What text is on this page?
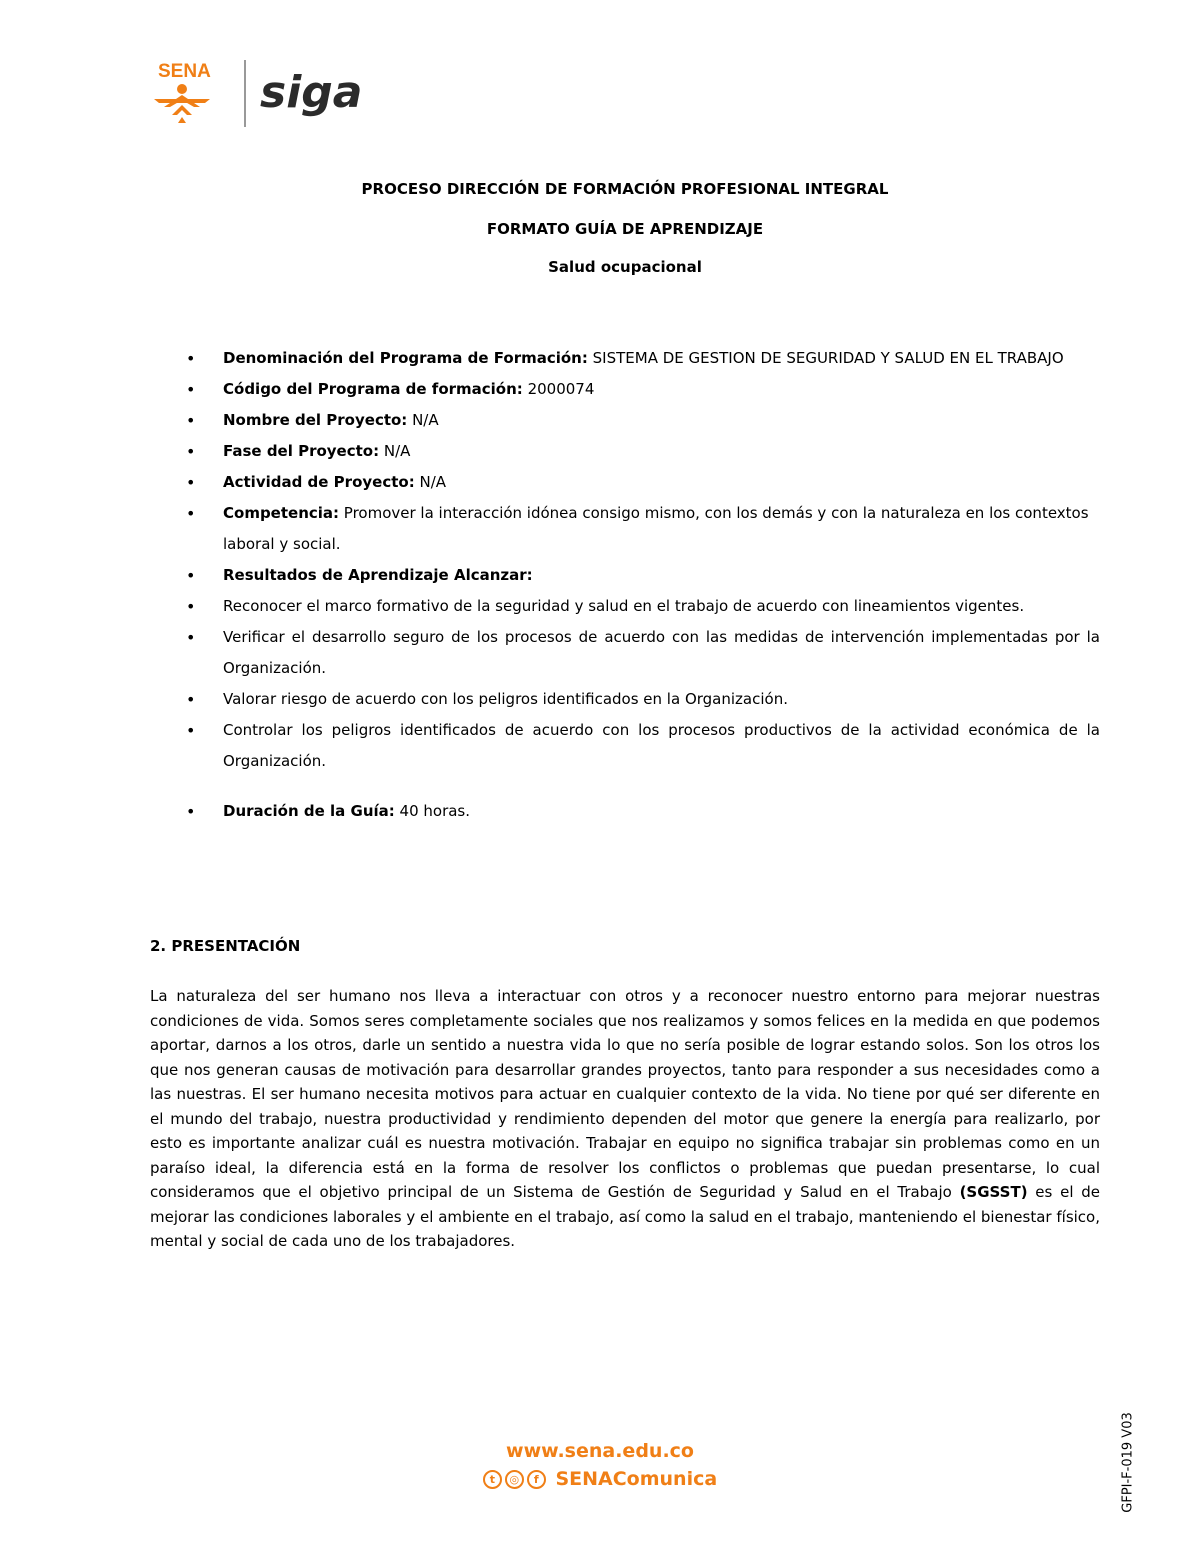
SENA siga
PROCESO DIRECCIÓN DE FORMACIÓN PROFESIONAL INTEGRAL
FORMATO GUÍA DE APRENDIZAJE
Salud ocupacional
• Denominación del Programa de Formación: SISTEMA DE GESTION DE SEGURIDAD Y SALUD EN EL TRABAJO
• Código del Programa de formación: 2000074
• Nombre del Proyecto: N/A
• Fase del Proyecto: N/A
• Actividad de Proyecto: N/A
• Competencia: Promover la interacción idónea consigo mismo, con los demás y con la naturaleza en los contextos laboral y social.
• Resultados de Aprendizaje Alcanzar:
• Reconocer el marco formativo de la seguridad y salud en el trabajo de acuerdo con lineamientos vigentes.
• Verificar el desarrollo seguro de los procesos de acuerdo con las medidas de intervención implementadas por la Organización.
• Valorar riesgo de acuerdo con los peligros identificados en la Organización.
• Controlar los peligros identificados de acuerdo con los procesos productivos de la actividad económica de la Organización.
• Duración de la Guía: 40 horas.
2. PRESENTACIÓN

La naturaleza del ser humano nos lleva a interactuar con otros y a reconocer nuestro entorno para mejorar nuestras condiciones de vida. Somos seres completamente sociales que nos realizamos y somos felices en la medida en que podemos aportar, darnos a los otros, darle un sentido a nuestra vida lo que no sería posible de lograr estando solos. Son los otros los que nos generan causas de motivación para desarrollar grandes proyectos, tanto para responder a sus necesidades como a las nuestras. El ser humano necesita motivos para actuar en cualquier contexto de la vida. No tiene por qué ser diferente en el mundo del trabajo, nuestra productividad y rendimiento dependen del motor que genere la energía para realizarlo, por esto es importante analizar cuál es nuestra motivación. Trabajar en equipo no significa trabajar sin problemas como en un paraíso ideal, la diferencia está en la forma de resolver los conflictos o problemas que puedan presentarse, lo cual consideramos que el objetivo principal de un Sistema de Gestión de Seguridad y Salud en el Trabajo (SGSST) es el de mejorar las condiciones laborales y el ambiente en el trabajo, así como la salud en el trabajo, manteniendo el bienestar físico, mental y social de cada uno de los trabajadores.

www.sena.edu.co
t ◎ f SENAComunica	GFPI-F-019 V03
